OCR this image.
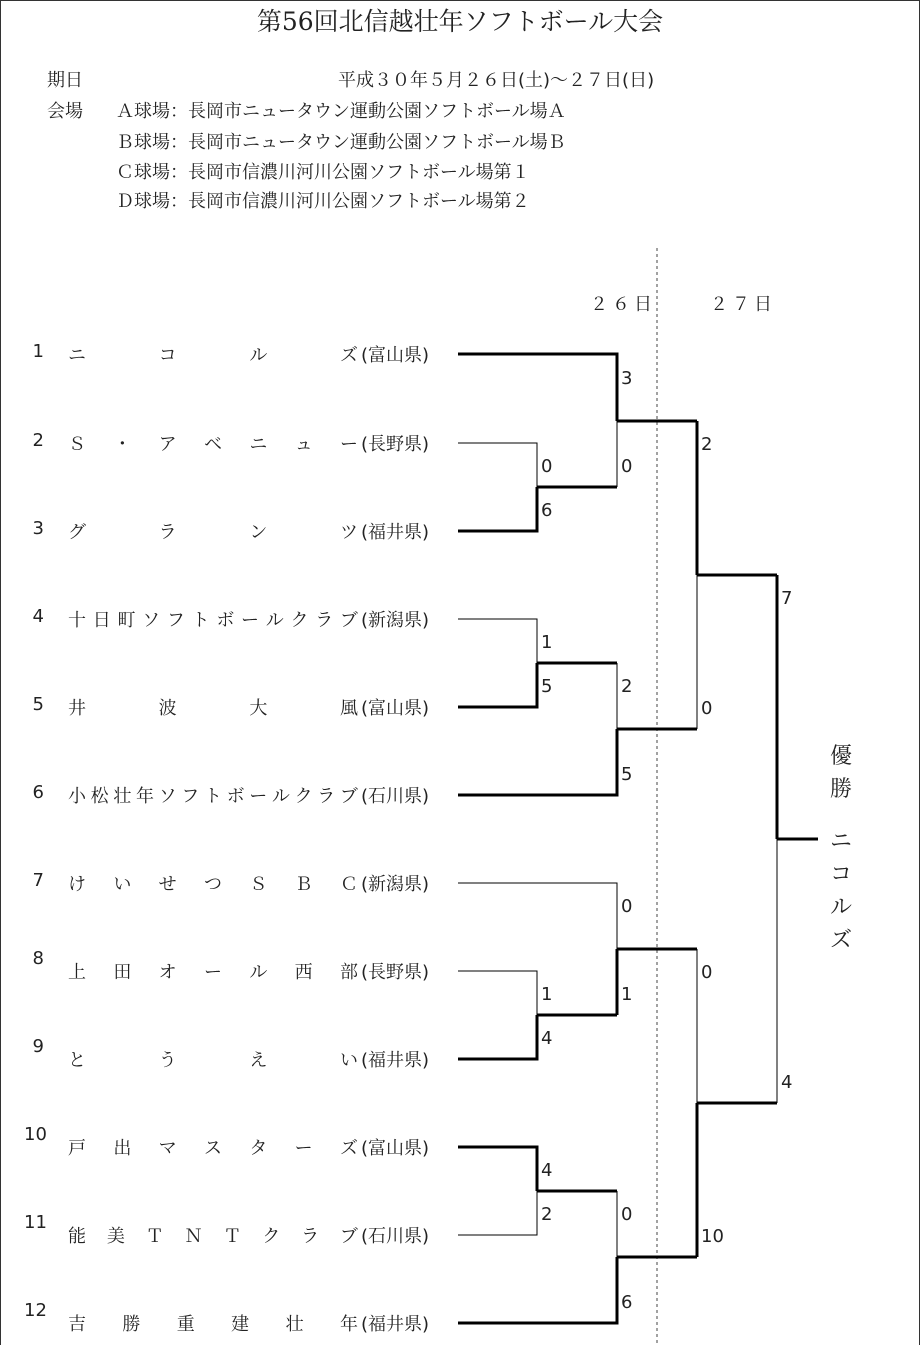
第56回北信越壮年ソフトボール大会
期日	平成３０年５月２６日(土)～２７日(日)
会場 Ａ球場：長岡市ニュータウン運動公園ソフトボール場Ａ
Ｂ球場：長岡市ニュータウン運動公園ソフトボール場Ｂ
Ｃ球場：長岡市信濃川河川公園ソフトボール場第１
Ｄ球場：長岡市信濃川河川公園ソフトボール場第２
２６日	２７日
1 ニ	コ	ル	ズ (富山県)
2 Ｓ ・ ア ベ ニ ュ ー (長野県)
3 グ	ラ	ン	ツ (福井県)
4 十 日 町 ソ フ ト ボ ー ル ク ラ ブ (新潟県)
5 井	波	大	風 (富山県)
6 小 松 壮 年 ソ フ ト ボ ー ル ク ラ ブ (石川県)
7 け い せ つ Ｓ Ｂ Ｃ (新潟県)
8
上 田 オ ー ル 西 部 (長野県)
9
と	う	え	い (福井県)
10
戸 出 マ ス タ ー ズ (富山県)
11
能 美 Ｔ Ｎ Ｔ ク ラ ブ (石川県)
12
吉 勝 重 建 壮 年 (福井県)
0
6
1
5
1
4
4
2
3
0
2
5
0
1
0
6
2
0
0
10
7
4
優
勝
ニ
コ
ル
ズ
